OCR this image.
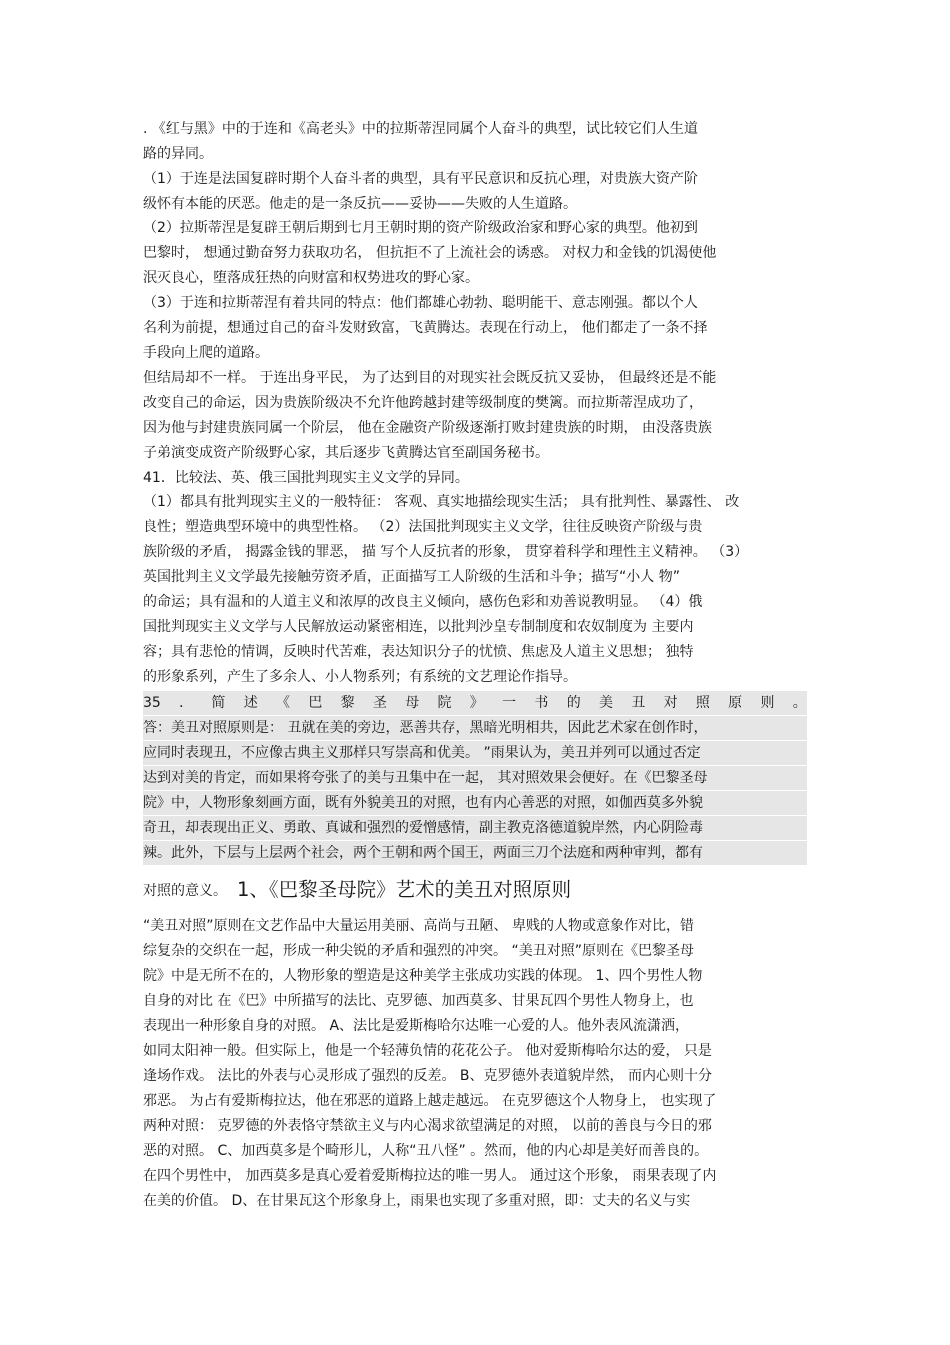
. 《红与黑》中的于连和《高老头》中的拉斯蒂涅同属个人奋斗的典型，试比较它们人生道
路的异同。
（1）于连是法国复辟时期个人奋斗者的典型，具有平民意识和反抗心理，对贵族大资产阶
级怀有本能的厌恶。他走的是一条反抗——妥协——失败的人生道路。
（2）拉斯蒂涅是复辟王朝后期到七月王朝时期的资产阶级政治家和野心家的典型。他初到
巴黎时， 想通过勤奋努力获取功名， 但抗拒不了上流社会的诱惑。 对权力和金钱的饥渴使他
泯灭良心，堕落成狂热的向财富和权势进攻的野心家。
（3）于连和拉斯蒂涅有着共同的特点：他们都雄心勃勃、聪明能干、意志刚强。都以个人
名利为前提，想通过自己的奋斗发财致富，飞黄腾达。表现在行动上， 他们都走了一条不择
手段向上爬的道路。
但结局却不一样。 于连出身平民， 为了达到目的对现实社会既反抗又妥协， 但最终还是不能
改变自己的命运，因为贵族阶级决不允许他跨越封建等级制度的樊篱。而拉斯蒂涅成功了，
因为他与封建贵族同属一个阶层， 他在金融资产阶级逐渐打败封建贵族的时期， 由没落贵族
子弟演变成资产阶级野心家，其后逐步飞黄腾达官至副国务秘书。
41．比较法、英、俄三国批判现实主义文学的异同。
（1）都具有批判现实主义的一般特征： 客观、真实地描绘现实生活； 具有批判性、暴露性、 改
良性；塑造典型环境中的典型性格。 （2）法国批判现实主义文学，往往反映资产阶级与贵
族阶级的矛盾， 揭露金钱的罪恶， 描 写个人反抗者的形象， 贯穿着科学和理性主义精神。 （3）
英国批判主义文学最先接触劳资矛盾，正面描写工人阶级的生活和斗争；描写“小人 物”
的命运；具有温和的人道主义和浓厚的改良主义倾向，感伤色彩和劝善说教明显。 （4）俄
国批判现实主义文学与人民解放运动紧密相连，以批判沙皇专制制度和农奴制度为 主要内
容；具有悲怆的情调，反映时代苦难，表达知识分子的忧愤、焦虑及人道主义思想； 独特
的形象系列，产生了多余人、小人物系列；有系统的文艺理论作指导。
35 ． 简 述 《 巴 黎 圣 母 院 》 一 书 的 美 丑 对 照 原 则 。
答：美丑对照原则是： 丑就在美的旁边，恶善共存，黑暗光明相共，因此艺术家在创作时，
应同时表现丑，不应像古典主义那样只写崇高和优美。 ”雨果认为，美丑并列可以通过否定
达到对美的肯定，而如果将夸张了的美与丑集中在一起， 其对照效果会便好。在《巴黎圣母
院》中，人物形象刻画方面，既有外貌美丑的对照，也有内心善恶的对照，如伽西莫多外貌
奇丑，却表现出正义、勇敢、真诚和强烈的爱憎感情，副主教克洛德道貌岸然，内心阴险毒
辣。此外，下层与上层两个社会，两个王朝和两个国王，两面三刀个法庭和两种审判，都有
对照的意义。 1、《巴黎圣母院》艺术的美丑对照原则
“美丑对照”原则在文艺作品中大量运用美丽、高尚与丑陋、 卑贱的人物或意象作对比，错
综复杂的交织在一起，形成一种尖锐的矛盾和强烈的冲突。 “美丑对照”原则在《巴黎圣母
院》中是无所不在的，人物形象的塑造是这种美学主张成功实践的体现。 1、四个男性人物
自身的对比 在《巴》中所描写的法比、克罗德、加西莫多、甘果瓦四个男性人物身上，也
表现出一种形象自身的对照。 A、法比是爱斯梅哈尔达唯一心爱的人。他外表风流潇洒，
如同太阳神一般。但实际上，他是一个轻薄负情的花花公子。 他对爱斯梅哈尔达的爱， 只是
逢场作戏。 法比的外表与心灵形成了强烈的反差。 B、克罗德外表道貌岸然， 而内心则十分
邪恶。 为占有爱斯梅拉达，他在邪恶的道路上越走越远。 在克罗德这个人物身上， 也实现了
两种对照： 克罗德的外表恪守禁欲主义与内心渴求欲望满足的对照， 以前的善良与今日的邪
恶的对照。 C、加西莫多是个畸形儿，人称“丑八怪” 。然而，他的内心却是美好而善良的。
在四个男性中， 加西莫多是真心爱着爱斯梅拉达的唯一男人。 通过这个形象， 雨果表现了内
在美的价值。 D、在甘果瓦这个形象身上，雨果也实现了多重对照，即：丈夫的名义与实
